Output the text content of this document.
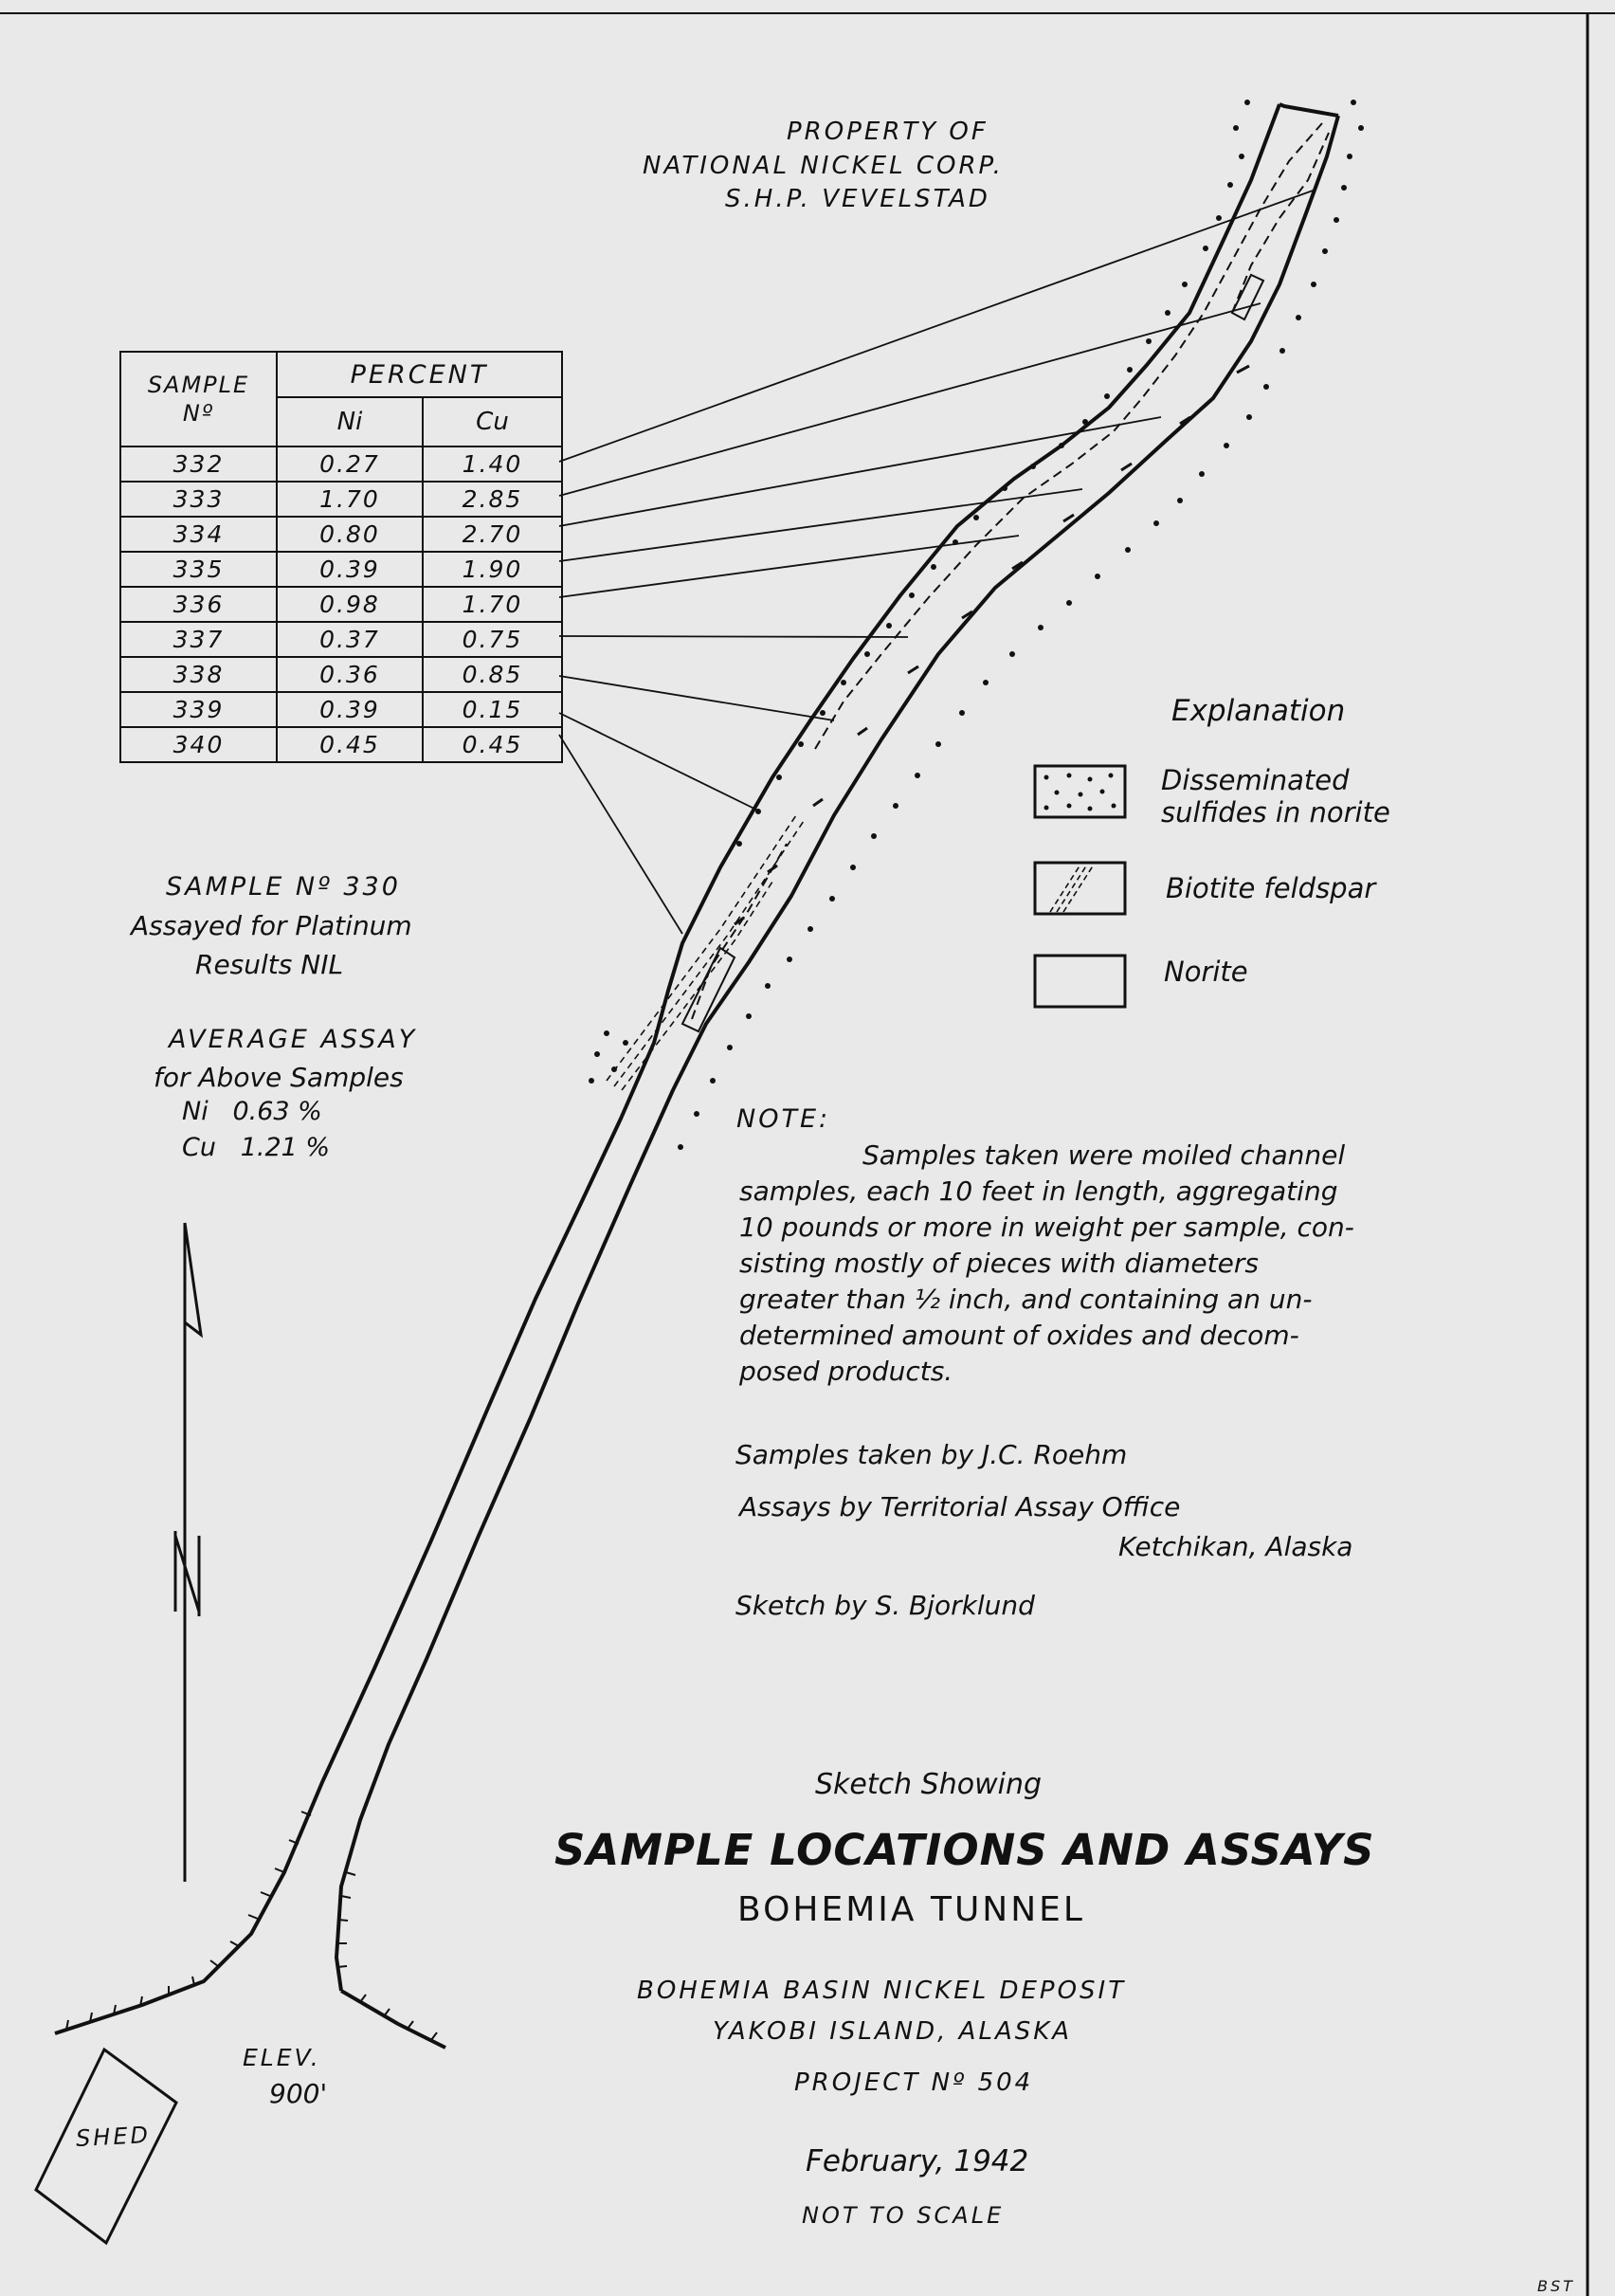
PROPERTY OF
NATIONAL NICKEL CORP.
S.H.P. VEVELSTAD
SAMPLE
Nº	PERCENT	
	Ni	Cu
332	0.27	1.40
333	1.70	2.85
334	0.80	2.70
335	0.39	1.90
336	0.98	1.70
337	0.37	0.75
338	0.36	0.85
339	0.39	0.15
340	0.45	0.45
SAMPLE Nº 330
Assayed for Platinum
Results NIL
AVERAGE ASSAY
for Above Samples
Ni   0.63 %
Cu   1.21 %
Explanation
Disseminated
sulfides in norite
Biotite feldspar
Norite
NOTE:
Samples taken were moiled channel
samples, each 10 feet in length, aggregating
10 pounds or more in weight per sample, con-
sisting mostly of pieces with diameters
greater than ½ inch, and containing an un-
determined amount of oxides and decom-
posed products.
Samples taken by J.C. Roehm
Assays by Territorial Assay Office
Ketchikan, Alaska
Sketch by S. Bjorklund
Sketch Showing
SAMPLE LOCATIONS AND ASSAYS
BOHEMIA TUNNEL
BOHEMIA BASIN NICKEL DEPOSIT
YAKOBI ISLAND, ALASKA
PROJECT Nº 504
February, 1942
NOT TO SCALE
ELEV.
900'
SHED
BST
